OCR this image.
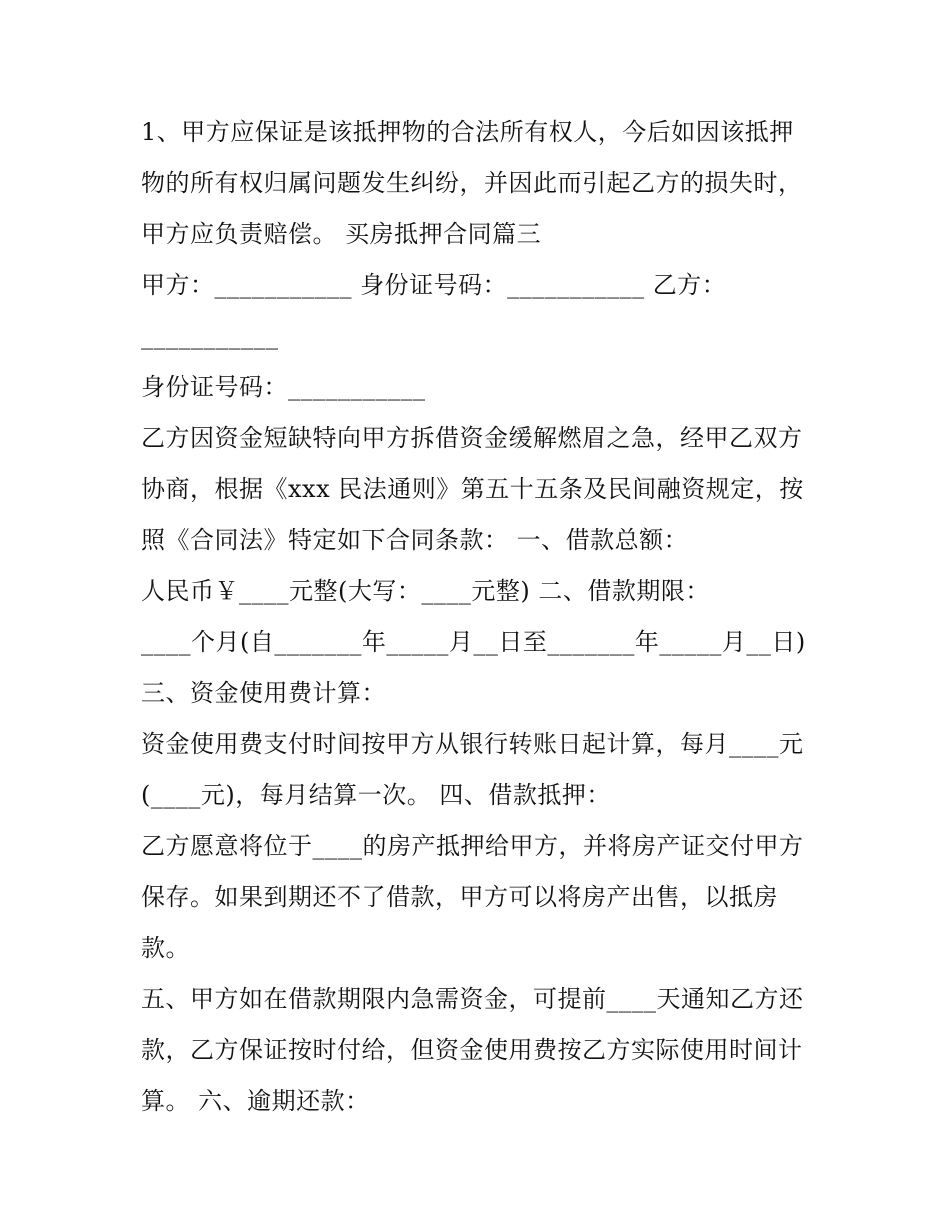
1、甲方应保证是该抵押物的合法所有权人，今后如因该抵押
物的所有权归属问题发生纠纷，并因此而引起乙方的损失时，
甲方应负责赔偿。 买房抵押合同篇三
甲方：___________ 身份证号码：___________ 乙方：
___________
身份证号码：___________
乙方因资金短缺特向甲方拆借资金缓解燃眉之急，经甲乙双方
协商，根据《xxx 民法通则》第五十五条及民间融资规定，按
照《合同法》特定如下合同条款： 一、借款总额：
人民币￥____元整(大写：____元整) 二、借款期限：
____个月(自_______年_____月__日至_______年_____月__日)
三、资金使用费计算：
资金使用费支付时间按甲方从银行转账日起计算，每月____元
(____元)，每月结算一次。 四、借款抵押：
乙方愿意将位于____的房产抵押给甲方，并将房产证交付甲方
保存。如果到期还不了借款，甲方可以将房产出售，以抵房
款。
五、甲方如在借款期限内急需资金，可提前____天通知乙方还
款，乙方保证按时付给，但资金使用费按乙方实际使用时间计
算。 六、逾期还款：
